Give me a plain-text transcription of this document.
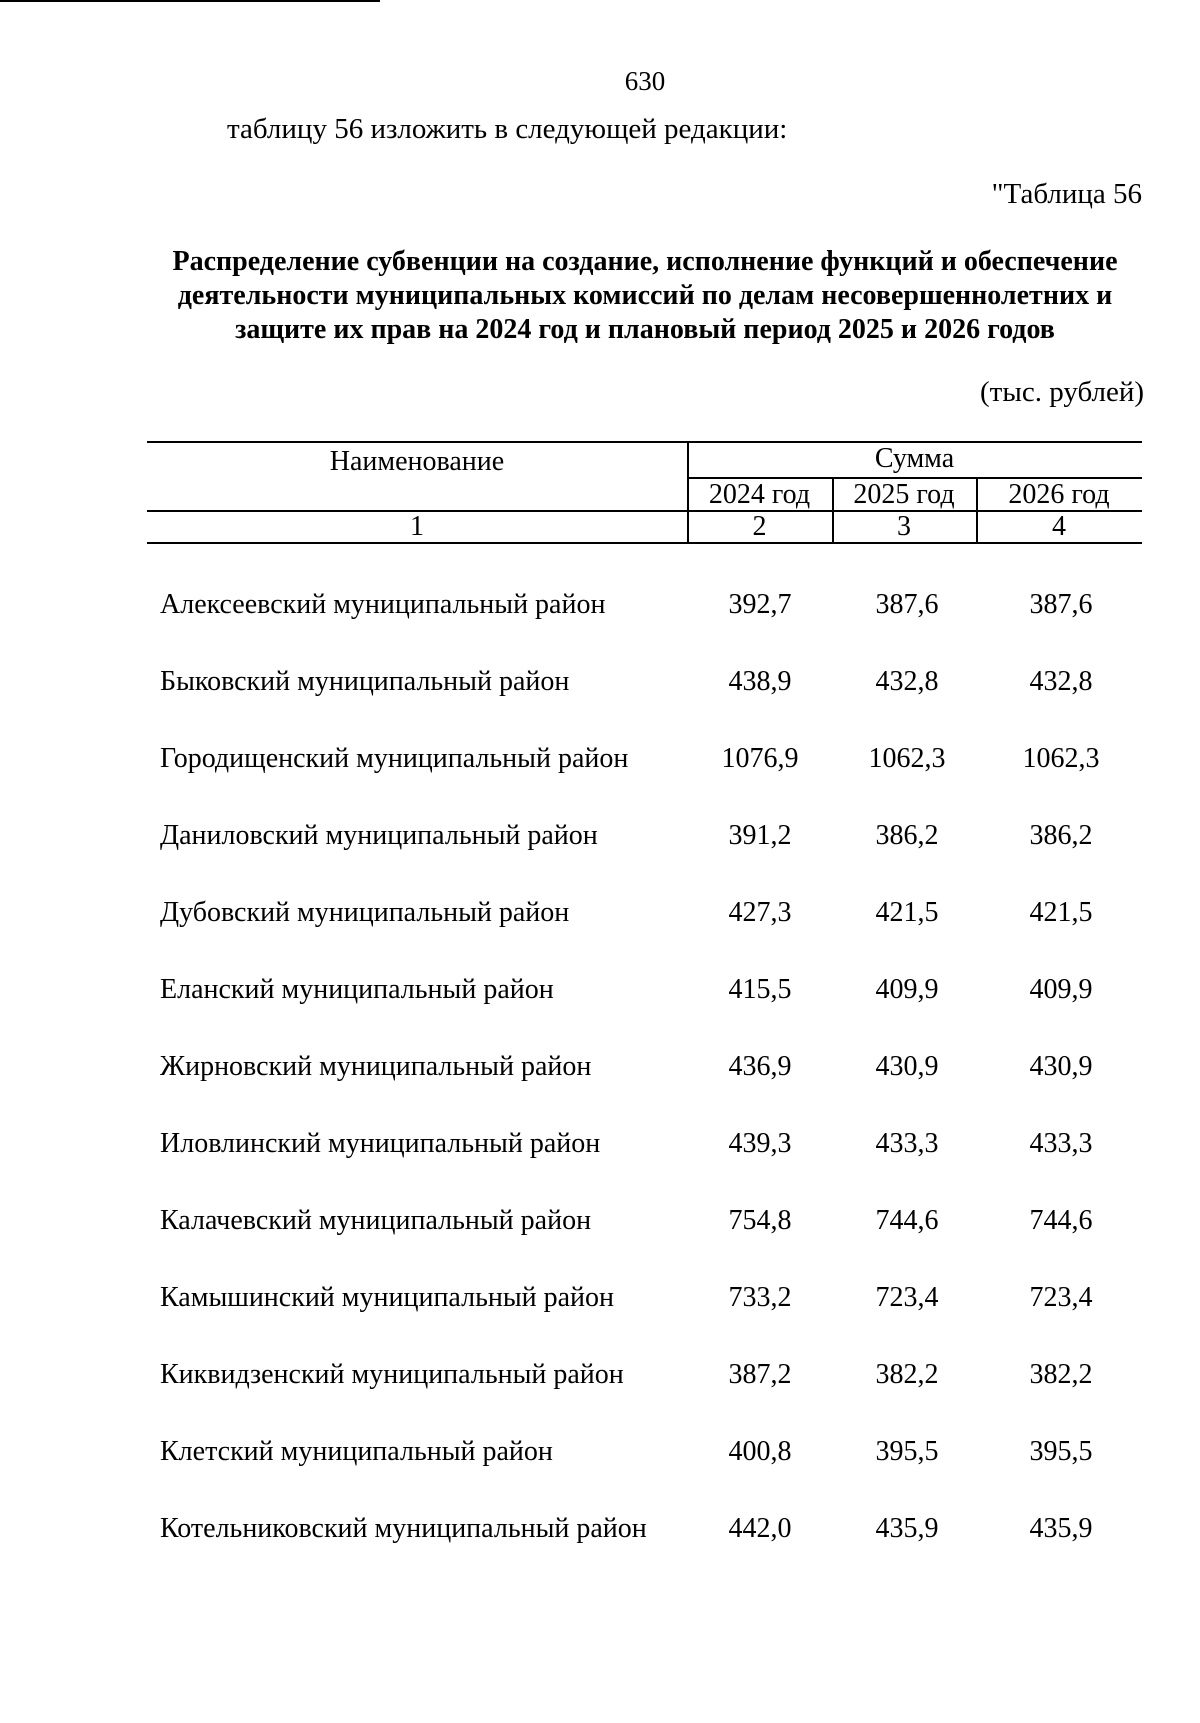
630
таблицу 56 изложить в следующей редакции:
"Таблица 56
Распределение субвенции на создание, исполнение функций и обеспечение деятельности муниципальных комиссий по делам несовершеннолетних и защите их прав на 2024 год и плановый период 2025 и 2026 годов
(тыс. рублей)
Наименование	Сумма
2024 год	2025 год	2026 год
1	2	3	4
Алексеевский муниципальный район	392,7	387,6	387,6
Быковский муниципальный район	438,9	432,8	432,8
Городищенский муниципальный район	1076,9	1062,3	1062,3
Даниловский муниципальный район	391,2	386,2	386,2
Дубовский муниципальный район	427,3	421,5	421,5
Еланский муниципальный район	415,5	409,9	409,9
Жирновский муниципальный район	436,9	430,9	430,9
Иловлинский муниципальный район	439,3	433,3	433,3
Калачевский муниципальный район	754,8	744,6	744,6
Камышинский муниципальный район	733,2	723,4	723,4
Киквидзенский муниципальный район	387,2	382,2	382,2
Клетский муниципальный район	400,8	395,5	395,5
Котельниковский муниципальный район	442,0	435,9	435,9
